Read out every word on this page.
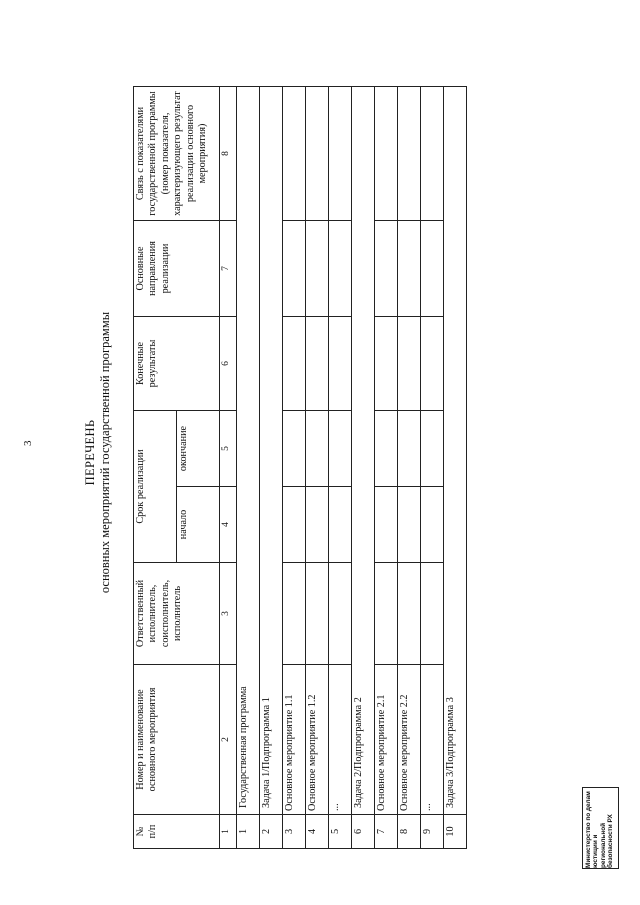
3	ПЕРЕЧЕНЬ основных мероприятий государственной программы
№
п/п	Номер и наименование основного мероприятия	Ответственный исполнитель, соисполнитель, исполнитель	Срок реализации		Конечные результаты	Основные направления реализации	Связь с показателями государственной программы (номер показателя, характеризующего результат реализации основного мероприятия)
			начало	окончание			
1	2	3	4	5	6	7	8
1	Государственная программа						
2	Задача 1/Подпрограмма 1						
3	Основное мероприятие 1.1						
4	Основное мероприятие 1.2						
5	...						
6	Задача 2/Подпрограмма 2						
7	Основное мероприятие 2.1						
8	Основное мероприятие 2.2						
9	...						
10	Задача 3/Подпрограмма 3						
Министерство по делам юстиции и региональной безопасности РХ
